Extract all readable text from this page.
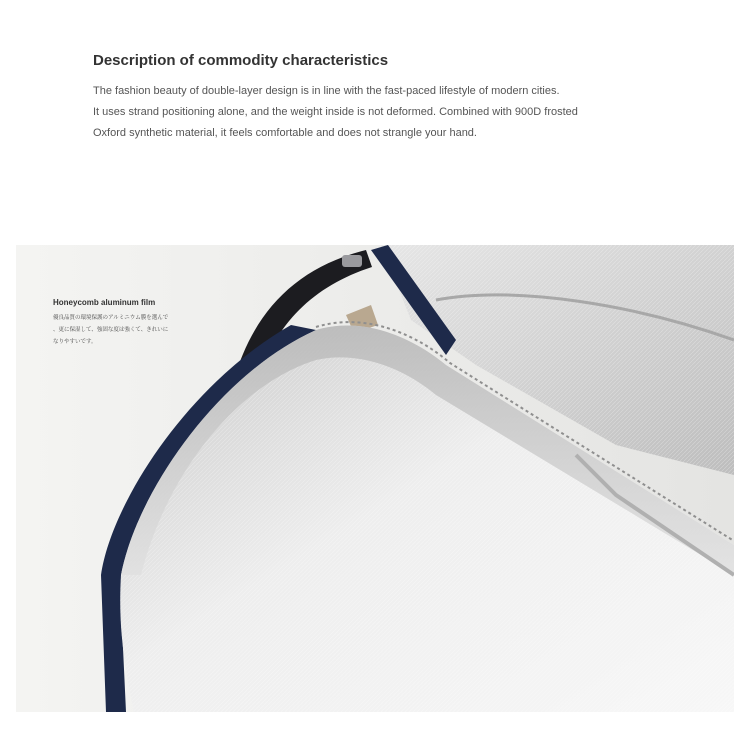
Description of commodity characteristics

The fashion beauty of double-layer design is in line with the fast-paced lifestyle of modern cities.

It uses strand positioning alone, and the weight inside is not deformed. Combined with 900D frosted

Oxford synthetic material, it feels comfortable and does not strangle your hand.

Honeycomb aluminum film

優良品質の環境保護のアルミニウム膜を選んで

、更に保湿して、強固な度は強くて、きれいに

なりやすいです。
